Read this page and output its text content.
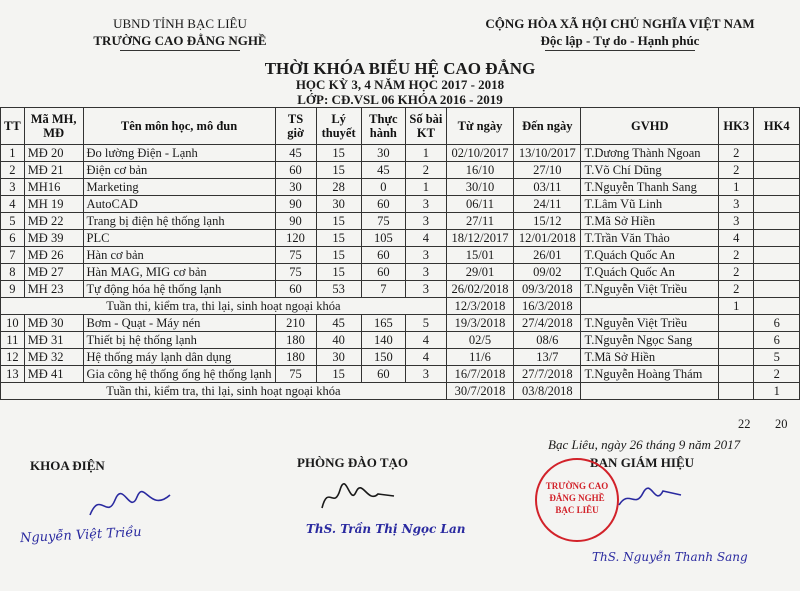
UBND TỈNH BẠC LIÊU
TRƯỜNG CAO ĐẲNG NGHỀ
CỘNG HÒA XÃ HỘI CHỦ NGHĨA VIỆT NAM
Độc lập - Tự do - Hạnh phúc
THỜI KHÓA BIỂU HỆ CAO ĐẲNG
HỌC KỲ 3, 4 NĂM HỌC 2017 - 2018
LỚP: CĐ.VSL 06 KHÓA 2016 - 2019
TT	Mã MH, MĐ	Tên môn học, mô đun	TS giờ	Lý thuyết	Thực hành	Số bài KT	Từ ngày	Đến ngày	GVHD	HK3	HK4
1	MĐ 20	Đo lường Điện - Lạnh	45	15	30	1	02/10/2017	13/10/2017	T.Dương Thành Ngoan	2	
2	MĐ 21	Điện cơ bản	60	15	45	2	16/10	27/10	T.Võ Chí Dũng	2	
3	MH16	Marketing	30	28	0	1	30/10	03/11	T.Nguyễn Thanh Sang	1	
4	MH 19	AutoCAD	90	30	60	3	06/11	24/11	T.Lâm Vũ Linh	3	
5	MĐ 22	Trang bị điện hệ thống lạnh	90	15	75	3	27/11	15/12	T.Mã Sở Hiền	3	
6	MĐ 39	PLC	120	15	105	4	18/12/2017	12/01/2018	T.Trần Văn Thảo	4	
7	MĐ 26	Hàn cơ bản	75	15	60	3	15/01	26/01	T.Quách Quốc An	2	
8	MĐ 27	Hàn MAG, MIG cơ bản	75	15	60	3	29/01	09/02	T.Quách Quốc An	2	
9	MH 23	Tự động hóa hệ thống lạnh	60	53	7	3	26/02/2018	09/3/2018	T.Nguyễn Việt Triều	2	
Tuần thi, kiểm tra, thi lại, sinh hoạt ngoại khóa							12/3/2018	16/3/2018		1	
10	MĐ 30	Bơm - Quạt - Máy nén	210	45	165	5	19/3/2018	27/4/2018	T.Nguyễn Việt Triều		6
11	MĐ 31	Thiết bị hệ thống lạnh	180	40	140	4	02/5	08/6	T.Nguyễn Ngọc Sang		6
12	MĐ 32	Hệ thống máy lạnh dân dụng	180	30	150	4	11/6	13/7	T.Mã Sở Hiền		5
13	MĐ 41	Gia công hệ thống ống hệ thống lạnh	75	15	60	3	16/7/2018	27/7/2018	T.Nguyễn Hoàng Thám		2
Tuần thi, kiểm tra, thi lại, sinh hoạt ngoại khóa							30/7/2018	03/8/2018			1
22 20
Bạc Liêu, ngày 26 tháng 9 năm 2017
KHOA ĐIỆN	PHÒNG ĐÀO TẠO	BAN GIÁM HIỆU
Nguyễn Việt Triều	ThS. Trần Thị Ngọc Lan
TRƯỜNG CAO ĐẲNG NGHỀ BẠC LIÊU
ThS. Nguyễn Thanh Sang
